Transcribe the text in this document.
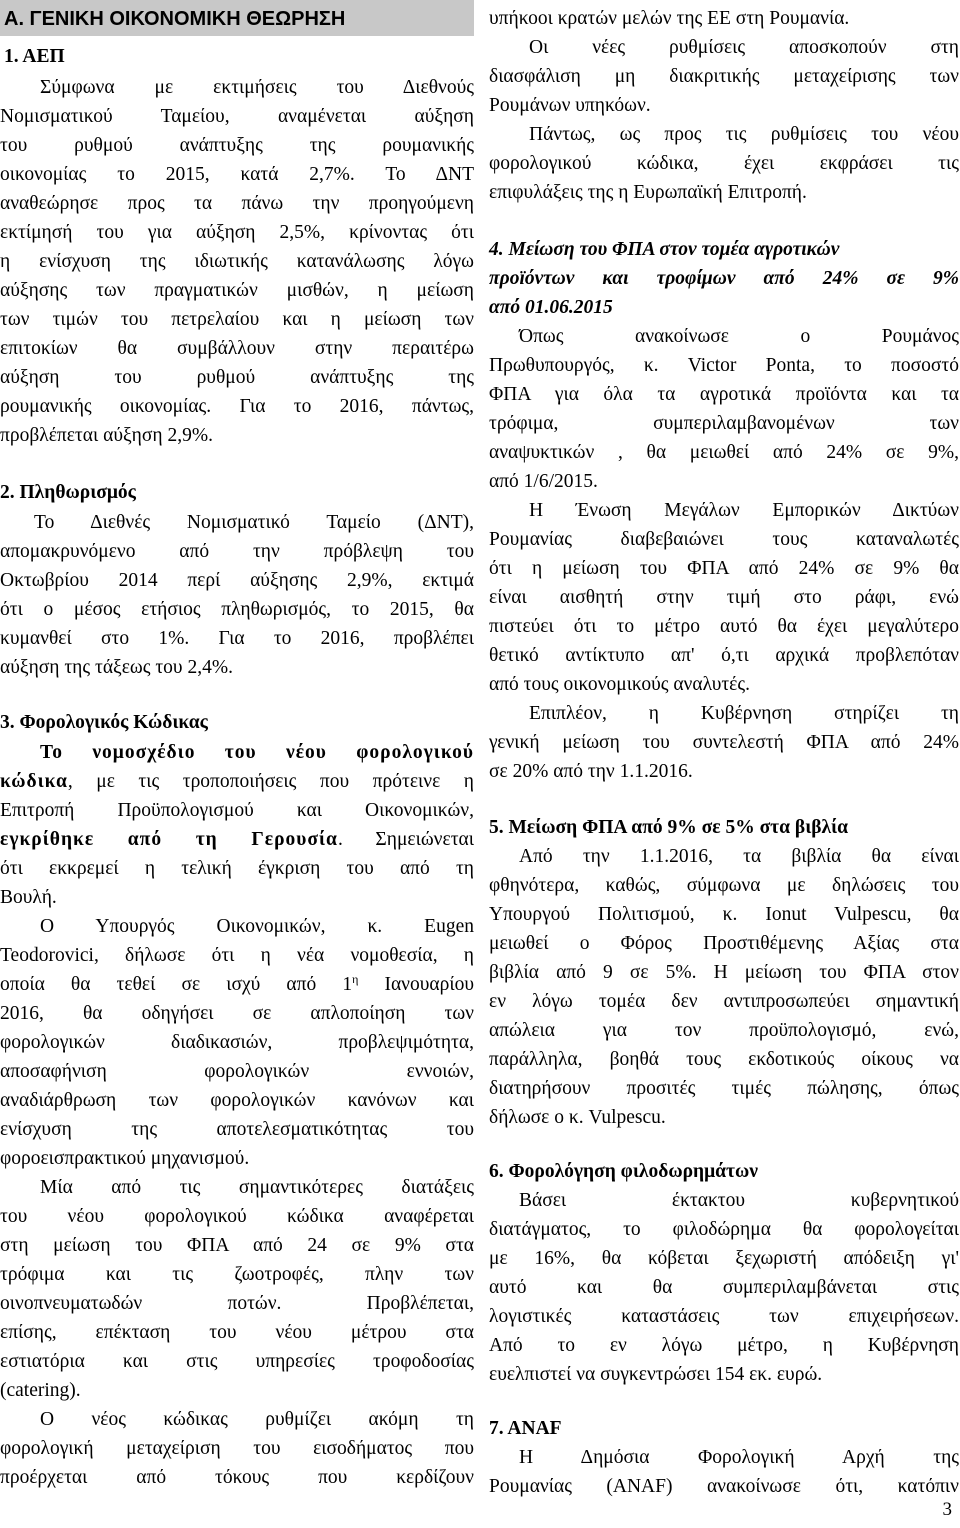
Α. ΓΕΝΙΚΗ ΟΙΚΟΝΟΜΙΚΗ ΘΕΩΡΗΣΗ
1. ΑΕΠ
Σύμφωνα με εκτιμήσεις του Διεθνούς
Νομισματικού Ταμείου, αναμένεται αύξηση
του ρυθμού ανάπτυξης της ρουμανικής
οικονομίας το 2015, κατά 2,7%. Το ΔΝΤ
αναθεώρησε προς τα πάνω την προηγούμενη
εκτίμησή του για αύξηση 2,5%, κρίνοντας ότι
η ενίσχυση της ιδιωτικής κατανάλωσης λόγω
αύξησης των πραγματικών μισθών, η μείωση
των τιμών του πετρελαίου και η μείωση των
επιτοκίων θα συμβάλλουν στην περαιτέρω
αύξηση του ρυθμού ανάπτυξης της
ρουμανικής οικονομίας. Για το 2016, πάντως,
προβλέπεται αύξηση 2,9%.
2. Πληθωρισμός
Το Διεθνές Νομισματικό Ταμείο (ΔΝΤ),
απομακρυνόμενο από την πρόβλεψη του
Οκτωβρίου 2014 περί αύξησης 2,9%, εκτιμά
ότι ο μέσος ετήσιος πληθωρισμός, το 2015, θα
κυμανθεί στο 1%. Για το 2016, προβλέπει
αύξηση της τάξεως του 2,4%.
3. Φορολογικός Κώδικας
Το νομοσχέδιο του νέου φορολογικού
κώδικα, με τις τροποποιήσεις που πρότεινε η
Επιτροπή Προϋπολογισμού και Οικονομικών,
εγκρίθηκε από τη Γερουσία. Σημειώνεται
ότι εκκρεμεί η τελική έγκριση του από τη
Βουλή.
Ο Υπουργός Οικονομικών, κ. Eugen
Teodorovici, δήλωσε ότι η νέα νομοθεσία, η
οποία θα τεθεί σε ισχύ από $1^\eta$ Ιανουαρίου
2016, θα οδηγήσει σε απλοποίηση των
φορολογικών διαδικασιών, προβλεψιμότητα,
αποσαφήνιση φορολογικών εννοιών,
αναδιάρθρωση των φορολογικών κανόνων και
ενίσχυση της αποτελεσματικότητας του
φοροεισπρακτικού μηχανισμού.
Μία από τις σημαντικότερες διατάξεις
του νέου φορολογικού κώδικα αναφέρεται
στη μείωση του ΦΠΑ από 24 σε 9% στα
τρόφιμα και τις ζωοτροφές, πλην των
οινοπνευματωδών ποτών. Προβλέπεται,
επίσης, επέκταση του νέου μέτρου στα
εστιατόρια και στις υπηρεσίες τροφοδοσίας
(catering).
Ο νέος κώδικας ρυθμίζει ακόμη τη
φορολογική μεταχείριση του εισοδήματος που
προέρχεται από τόκους που κερδίζουν
υπήκοοι κρατών μελών της ΕΕ στη Ρουμανία.
Οι νέες ρυθμίσεις αποσκοπούν στη
διασφάλιση μη διακριτικής μεταχείρισης των
Ρουμάνων υπηκόων.
Πάντως, ως προς τις ρυθμίσεις του νέου
φορολογικού κώδικα, έχει εκφράσει τις
επιφυλάξεις της η Ευρωπαϊκή Επιτροπή.
4. Μείωση του ΦΠΑ στον τομέα αγροτικών
προϊόντων και τροφίμων από 24% σε 9%
από 01.06.2015
Όπως ανακοίνωσε ο Ρουμάνος
Πρωθυπουργός, κ. Victor Ponta, το ποσοστό
ΦΠΑ για όλα τα αγροτικά προϊόντα και τα
τρόφιμα, συμπεριλαμβανομένων των
αναψυκτικών , θα μειωθεί από 24% σε 9%,
από 1/6/2015.
Η Ένωση Μεγάλων Εμπορικών Δικτύων
Ρουμανίας διαβεβαιώνει τους καταναλωτές
ότι η μείωση του ΦΠΑ από 24% σε 9% θα
είναι αισθητή στην τιμή στο ράφι, ενώ
πιστεύει ότι το μέτρο αυτό θα έχει μεγαλύτερο
θετικό αντίκτυπο απ' ό,τι αρχικά προβλεπόταν
από τους οικονομικούς αναλυτές.
Επιπλέον, η Κυβέρνηση στηρίζει τη
γενική μείωση του συντελεστή ΦΠΑ από 24%
σε 20% από την 1.1.2016.
5. Μείωση ΦΠΑ από 9% σε 5% στα βιβλία
Από την 1.1.2016, τα βιβλία θα είναι
φθηνότερα, καθώς, σύμφωνα με δηλώσεις του
Υπουργού Πολιτισμού, κ. Ionut Vulpescu, θα
μειωθεί ο Φόρος Προστιθέμενης Αξίας στα
βιβλία από 9 σε 5%. Η μείωση του ΦΠΑ στον
εν λόγω τομέα δεν αντιπροσωπεύει σημαντική
απώλεια για τον προϋπολογισμό, ενώ,
παράλληλα, βοηθά τους εκδοτικούς οίκους να
διατηρήσουν προσιτές τιμές πώλησης, όπως
δήλωσε ο κ. Vulpescu.
6. Φορολόγηση φιλοδωρημάτων
Βάσει έκτακτου κυβερνητικού
διατάγματος, το φιλοδώρημα θα φορολογείται
με 16%, θα κόβεται ξεχωριστή απόδειξη γι'
αυτό και θα συμπεριλαμβάνεται στις
λογιστικές καταστάσεις των επιχειρήσεων.
Από το εν λόγω μέτρο, η Κυβέρνηση
ευελπιστεί να συγκεντρώσει 154 εκ. ευρώ.
7. ANAF
Η Δημόσια Φορολογική Αρχή της
Ρουμανίας (ANAF) ανακοίνωσε ότι, κατόπιν
3
